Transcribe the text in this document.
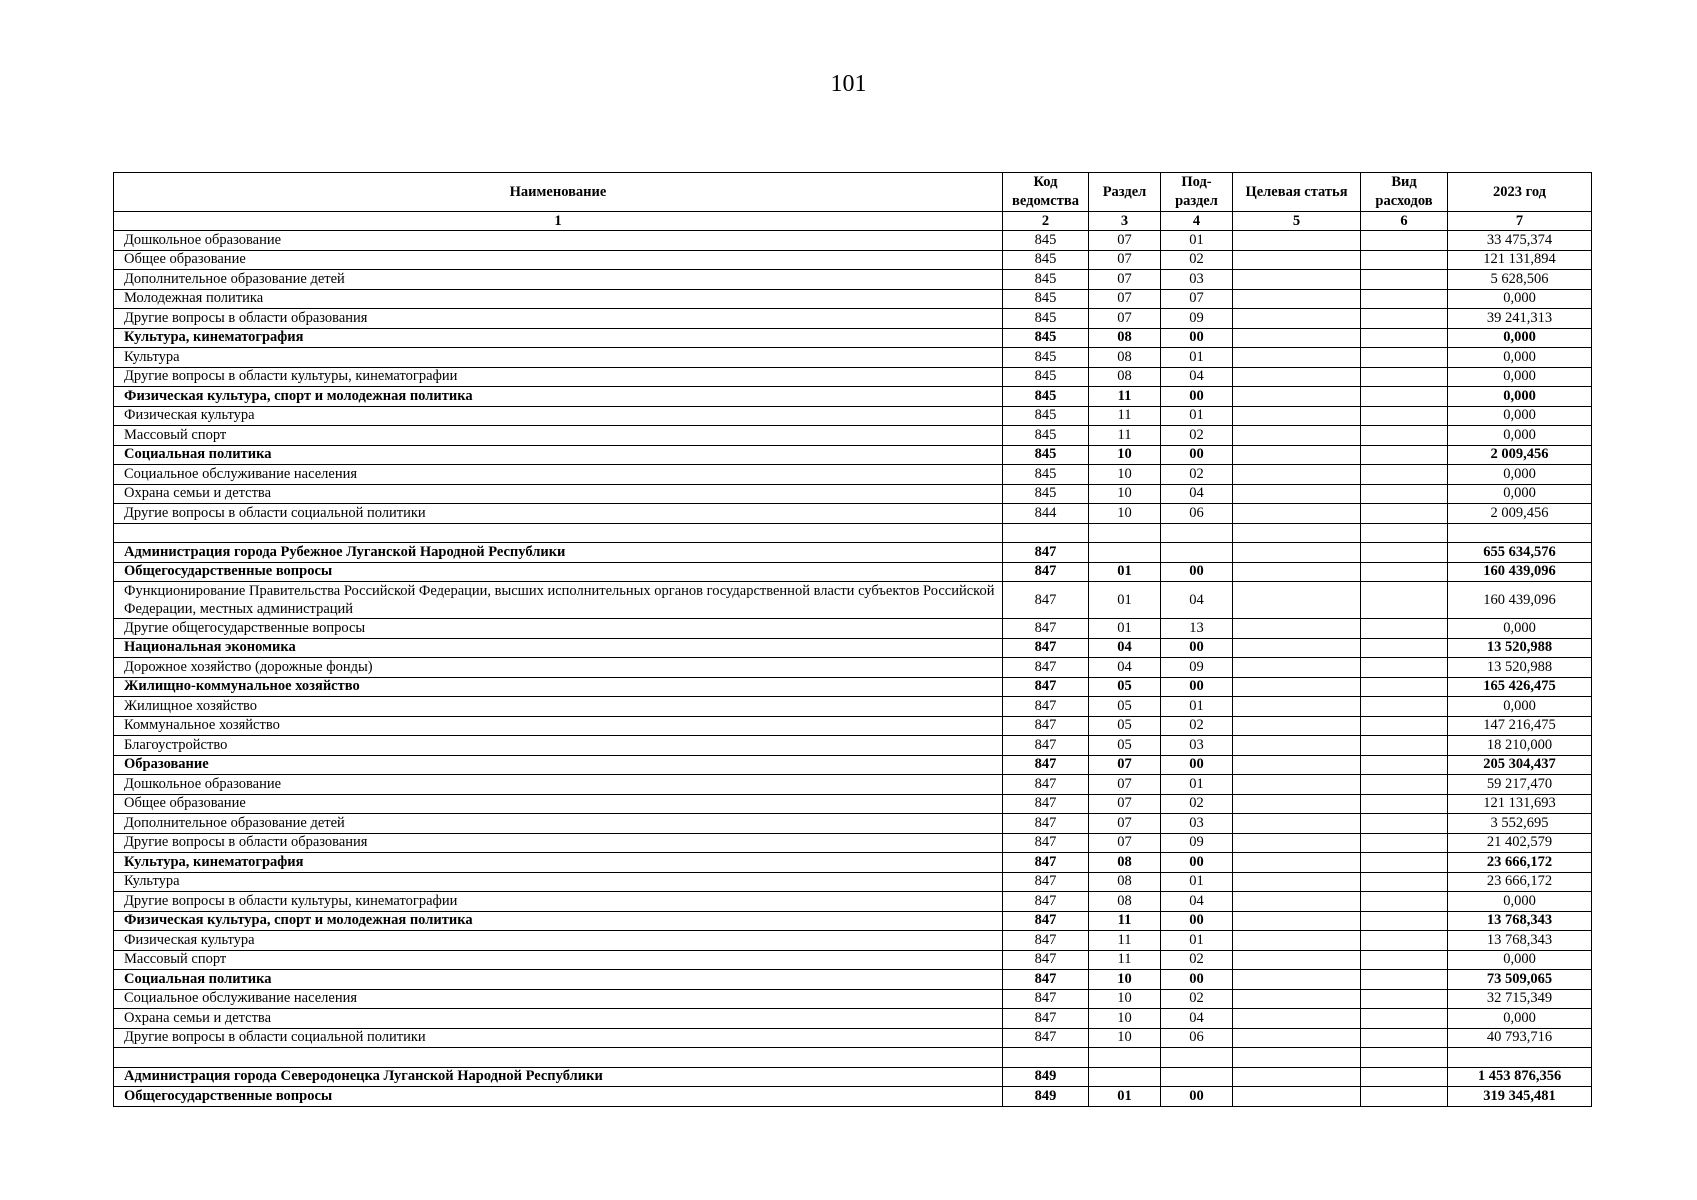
101
Наименование	Код ведомства	Раздел	Под-раздел	Целевая статья	Вид расходов	2023 год
1	2	3	4	5	6	7
Дошкольное образование	845	07	01			33 475,374
Общее образование	845	07	02			121 131,894
Дополнительное образование детей	845	07	03			5 628,506
Молодежная политика	845	07	07			0,000
Другие вопросы в области образования	845	07	09			39 241,313
Культура, кинематография	845	08	00			0,000
Культура	845	08	01			0,000
Другие вопросы в области культуры, кинематографии	845	08	04			0,000
Физическая культура, спорт и молодежная политика	845	11	00			0,000
Физическая культура	845	11	01			0,000
Массовый спорт	845	11	02			0,000
Социальная политика	845	10	00			2 009,456
Социальное обслуживание населения	845	10	02			0,000
Охрана семьи и детства	845	10	04			0,000
Другие вопросы в области социальной политики	844	10	06			2 009,456

Администрация города Рубежное Луганской Народной Республики	847					655 634,576
Общегосударственные вопросы	847	01	00			160 439,096
Функционирование Правительства Российской Федерации, высших исполнительных органов государственной власти субъектов Российской Федерации, местных администраций	847	01	04			160 439,096
Другие общегосударственные вопросы	847	01	13			0,000
Национальная экономика	847	04	00			13 520,988
Дорожное хозяйство (дорожные фонды)	847	04	09			13 520,988
Жилищно-коммунальное хозяйство	847	05	00			165 426,475
Жилищное хозяйство	847	05	01			0,000
Коммунальное хозяйство	847	05	02			147 216,475
Благоустройство	847	05	03			18 210,000
Образование	847	07	00			205 304,437
Дошкольное образование	847	07	01			59 217,470
Общее образование	847	07	02			121 131,693
Дополнительное образование детей	847	07	03			3 552,695
Другие вопросы в области образования	847	07	09			21 402,579
Культура, кинематография	847	08	00			23 666,172
Культура	847	08	01			23 666,172
Другие вопросы в области культуры, кинематографии	847	08	04			0,000
Физическая культура, спорт и молодежная политика	847	11	00			13 768,343
Физическая культура	847	11	01			13 768,343
Массовый спорт	847	11	02			0,000
Социальная политика	847	10	00			73 509,065
Социальное обслуживание населения	847	10	02			32 715,349
Охрана семьи и детства	847	10	04			0,000
Другие вопросы в области социальной политики	847	10	06			40 793,716

Администрация города Северодонецка Луганской Народной Республики	849					1 453 876,356
Общегосударственные вопросы	849	01	00			319 345,481
